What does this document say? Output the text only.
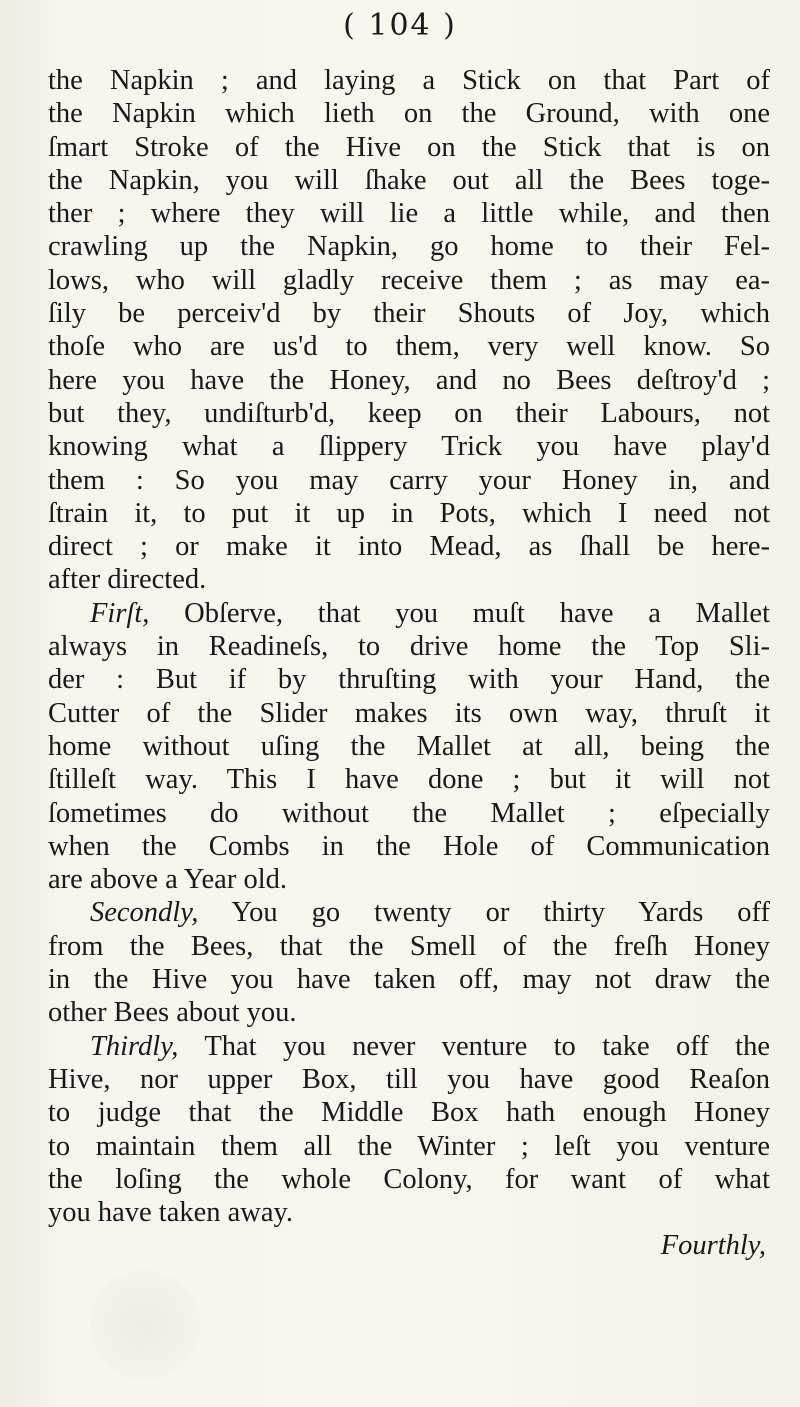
( 104 )
the Napkin ; and laying a Stick on that Part of
the Napkin which lieth on the Ground, with one
ſmart Stroke of the Hive on the Stick that is on
the Napkin, you will ſhake out all the Bees toge-
ther ; where they will lie a little while, and then
crawling up the Napkin, go home to their Fel-
lows, who will gladly receive them ; as may ea-
ſily be perceiv'd by their Shouts of Joy, which
thoſe who are us'd to them, very well know. So
here you have the Honey, and no Bees deſtroy'd ;
but they, undiſturb'd, keep on their Labours, not
knowing what a ſlippery Trick you have play'd
them : So you may carry your Honey in, and
ſtrain it, to put it up in Pots, which I need not
direct ; or make it into Mead, as ſhall be here-
after directed.
Firſt, Obſerve, that you muſt have a Mallet
always in Readineſs, to drive home the Top Sli-
der : But if by thruſting with your Hand, the
Cutter of the Slider makes its own way, thruſt it
home without uſing the Mallet at all, being the
ſtilleſt way. This I have done ; but it will not
ſometimes do without the Mallet ; eſpecially
when the Combs in the Hole of Communication
are above a Year old.
Secondly, You go twenty or thirty Yards off
from the Bees, that the Smell of the freſh Honey
in the Hive you have taken off, may not draw the
other Bees about you.
Thirdly, That you never venture to take off the
Hive, nor upper Box, till you have good Reaſon
to judge that the Middle Box hath enough Honey
to maintain them all the Winter ; leſt you venture
the loſing the whole Colony, for want of what
you have taken away.
Fourthly,
